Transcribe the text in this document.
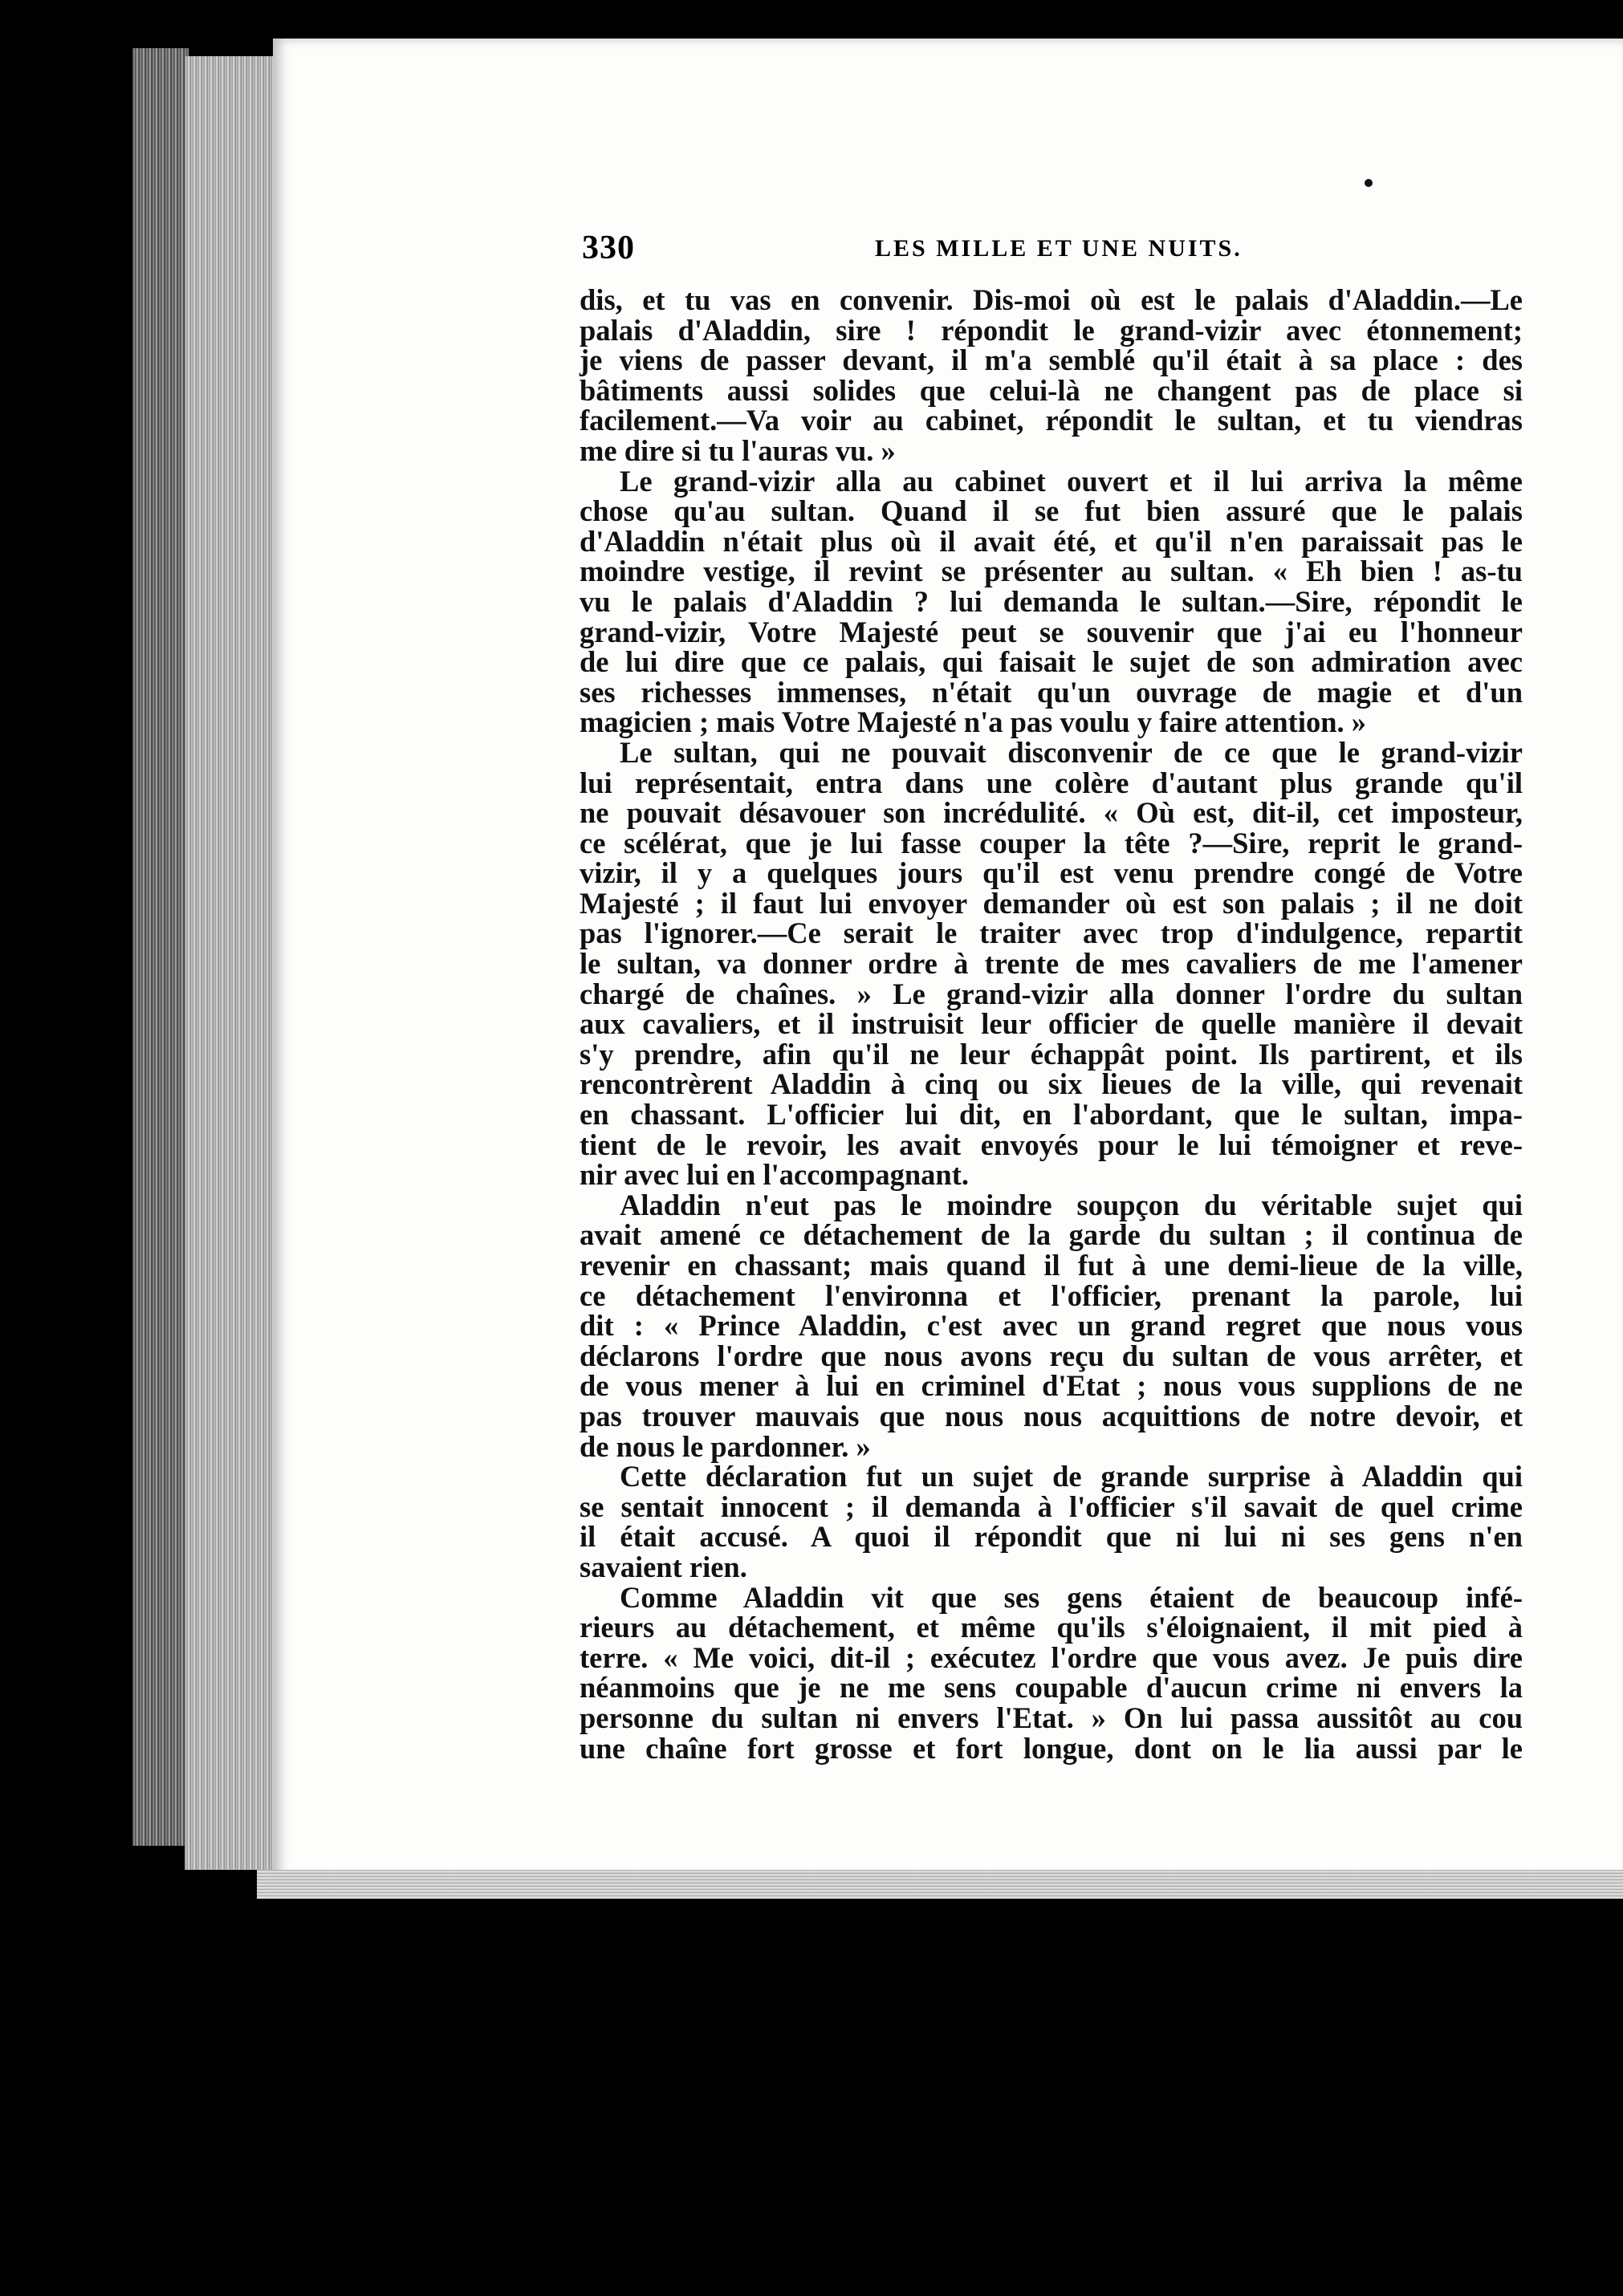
330	LES MILLE ET UNE NUITS.
dis, et tu vas en convenir. Dis-moi où est le palais d'Aladdin.—Le
palais d'Aladdin, sire ! répondit le grand-vizir avec étonnement;
je viens de passer devant, il m'a semblé qu'il était à sa place : des
bâtiments aussi solides que celui-là ne changent pas de place si
facilement.—Va voir au cabinet, répondit le sultan, et tu viendras
me dire si tu l'auras vu. »
Le grand-vizir alla au cabinet ouvert et il lui arriva la même
chose qu'au sultan. Quand il se fut bien assuré que le palais
d'Aladdin n'était plus où il avait été, et qu'il n'en paraissait pas le
moindre vestige, il revint se présenter au sultan. « Eh bien ! as-tu
vu le palais d'Aladdin ? lui demanda le sultan.—Sire, répondit le
grand-vizir, Votre Majesté peut se souvenir que j'ai eu l'honneur
de lui dire que ce palais, qui faisait le sujet de son admiration avec
ses richesses immenses, n'était qu'un ouvrage de magie et d'un
magicien ; mais Votre Majesté n'a pas voulu y faire attention. »
Le sultan, qui ne pouvait disconvenir de ce que le grand-vizir
lui représentait, entra dans une colère d'autant plus grande qu'il
ne pouvait désavouer son incrédulité. « Où est, dit-il, cet imposteur,
ce scélérat, que je lui fasse couper la tête ?—Sire, reprit le grand-
vizir, il y a quelques jours qu'il est venu prendre congé de Votre
Majesté ; il faut lui envoyer demander où est son palais ; il ne doit
pas l'ignorer.—Ce serait le traiter avec trop d'indulgence, repartit
le sultan, va donner ordre à trente de mes cavaliers de me l'amener
chargé de chaînes. » Le grand-vizir alla donner l'ordre du sultan
aux cavaliers, et il instruisit leur officier de quelle manière il devait
s'y prendre, afin qu'il ne leur échappât point. Ils partirent, et ils
rencontrèrent Aladdin à cinq ou six lieues de la ville, qui revenait
en chassant. L'officier lui dit, en l'abordant, que le sultan, impa-
tient de le revoir, les avait envoyés pour le lui témoigner et reve-
nir avec lui en l'accompagnant.
Aladdin n'eut pas le moindre soupçon du véritable sujet qui
avait amené ce détachement de la garde du sultan ; il continua de
revenir en chassant; mais quand il fut à une demi-lieue de la ville,
ce détachement l'environna et l'officier, prenant la parole, lui
dit : « Prince Aladdin, c'est avec un grand regret que nous vous
déclarons l'ordre que nous avons reçu du sultan de vous arrêter, et
de vous mener à lui en criminel d'Etat ; nous vous supplions de ne
pas trouver mauvais que nous nous acquittions de notre devoir, et
de nous le pardonner. »
Cette déclaration fut un sujet de grande surprise à Aladdin qui
se sentait innocent ; il demanda à l'officier s'il savait de quel crime
il était accusé. A quoi il répondit que ni lui ni ses gens n'en
savaient rien.
Comme Aladdin vit que ses gens étaient de beaucoup infé-
rieurs au détachement, et même qu'ils s'éloignaient, il mit pied à
terre. « Me voici, dit-il ; exécutez l'ordre que vous avez. Je puis dire
néanmoins que je ne me sens coupable d'aucun crime ni envers la
personne du sultan ni envers l'Etat. » On lui passa aussitôt au cou
une chaîne fort grosse et fort longue, dont on le lia aussi par le
